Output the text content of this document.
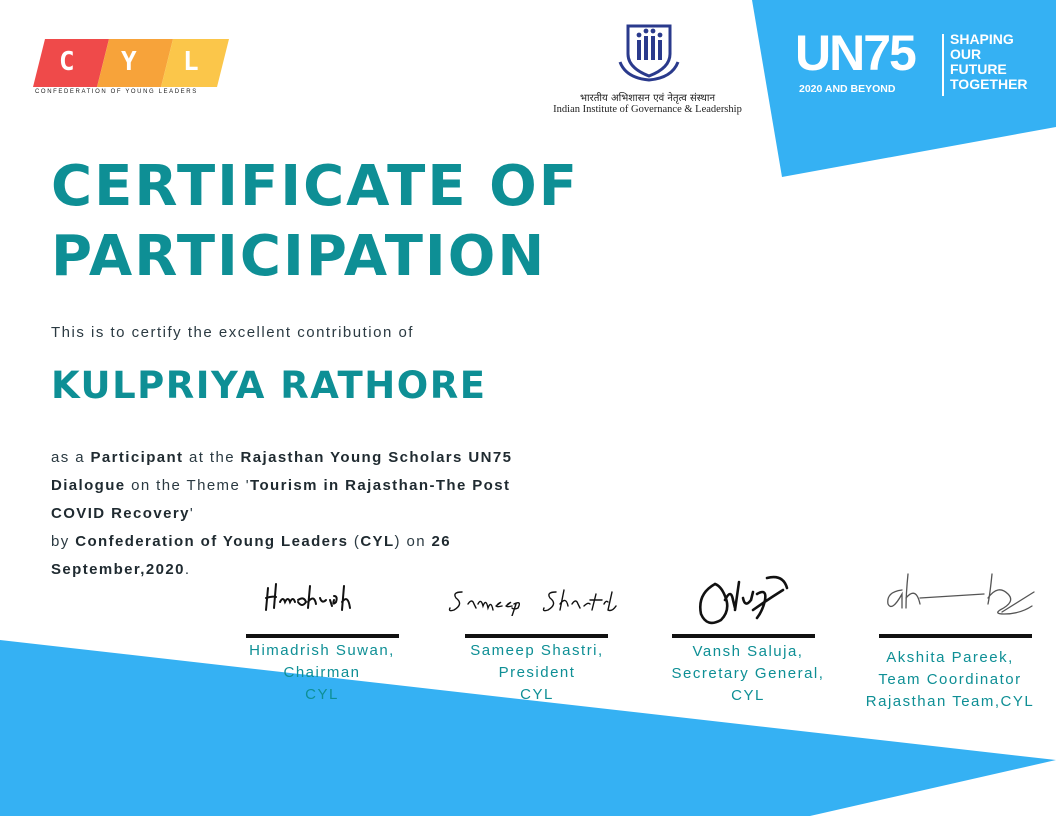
C Y L
CONFEDERATION OF YOUNG LEADERS
भारतीय अभिशासन एवं नेतृत्व संस्थान
Indian Institute of Governance & Leadership
UN75
2020 AND BEYOND
SHAPING
OUR
FUTURE
TOGETHER
CERTIFICATE OF
PARTICIPATION
This is to certify the excellent contribution of
KULPRIYA RATHORE
as a Participant at the Rajasthan Young Scholars UN75 Dialogue on the Theme 'Tourism in Rajasthan-The Post COVID Recovery'
by Confederation of Young Leaders (CYL) on 26 September,2020.
Himadrish Suwan,
Chairman
CYL
Sameep Shastri,
President
CYL
Vansh Saluja,
Secretary General,
CYL
Akshita Pareek,
Team Coordinator
Rajasthan Team,CYL
